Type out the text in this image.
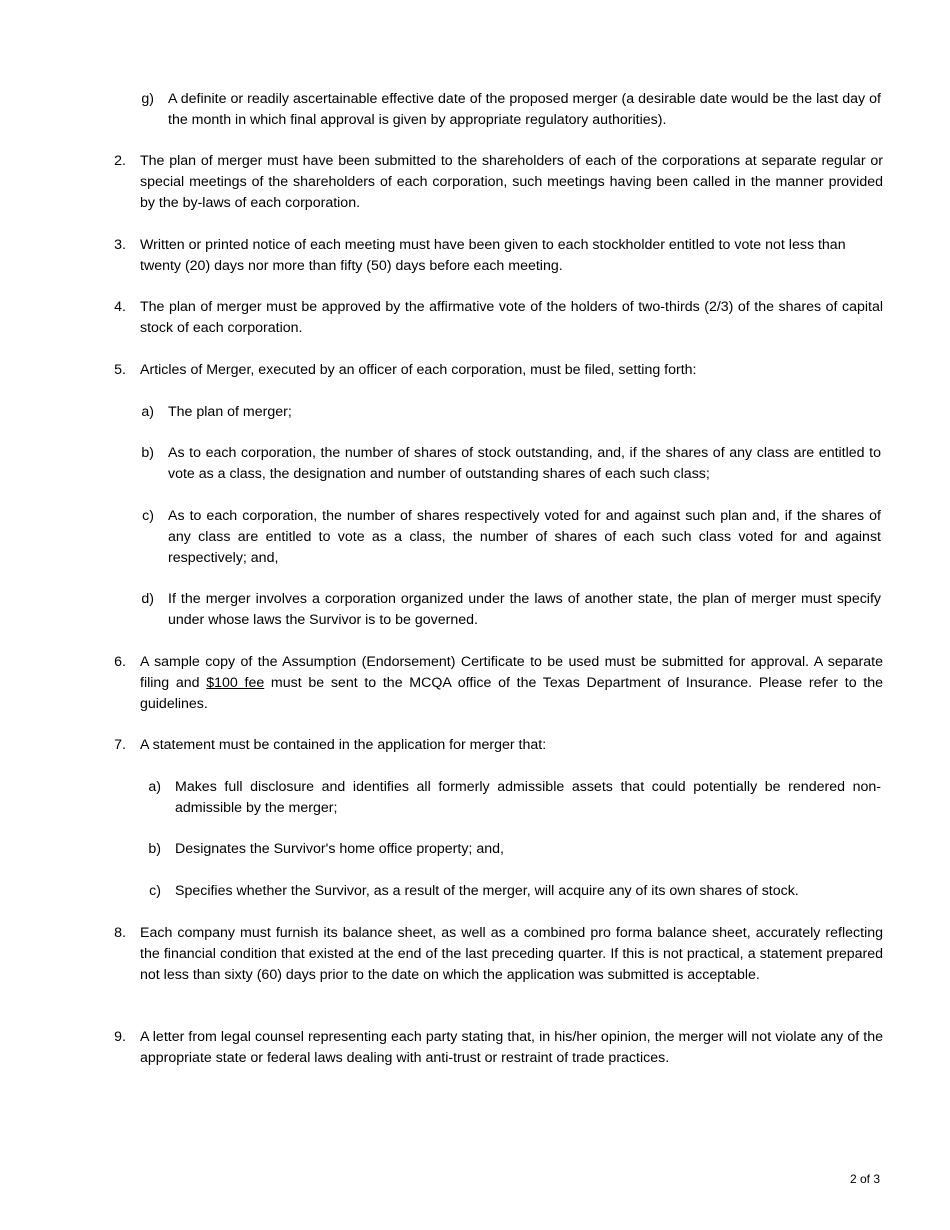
g) A definite or readily ascertainable effective date of the proposed merger (a desirable date would be the last day of the month in which final approval is given by appropriate regulatory authorities).
2. The plan of merger must have been submitted to the shareholders of each of the corporations at separate regular or special meetings of the shareholders of each corporation, such meetings having been called in the manner provided by the by-laws of each corporation.
3. Written or printed notice of each meeting must have been given to each stockholder entitled to vote not less than twenty (20) days nor more than fifty (50) days before each meeting.
4. The plan of merger must be approved by the affirmative vote of the holders of two-thirds (2/3) of the shares of capital stock of each corporation.
5. Articles of Merger, executed by an officer of each corporation, must be filed, setting forth:
a) The plan of merger;
b) As to each corporation, the number of shares of stock outstanding, and, if the shares of any class are entitled to vote as a class, the designation and number of outstanding shares of each such class;
c) As to each corporation, the number of shares respectively voted for and against such plan and, if the shares of any class are entitled to vote as a class, the number of shares of each such class voted for and against respectively; and,
d) If the merger involves a corporation organized under the laws of another state, the plan of merger must specify under whose laws the Survivor is to be governed.
6. A sample copy of the Assumption (Endorsement) Certificate to be used must be submitted for approval. A separate filing and $100 fee must be sent to the MCQA office of the Texas Department of Insurance. Please refer to the guidelines.
7. A statement must be contained in the application for merger that:
a) Makes full disclosure and identifies all formerly admissible assets that could potentially be rendered non-admissible by the merger;
b) Designates the Survivor's home office property; and,
c) Specifies whether the Survivor, as a result of the merger, will acquire any of its own shares of stock.
8. Each company must furnish its balance sheet, as well as a combined pro forma balance sheet, accurately reflecting the financial condition that existed at the end of the last preceding quarter. If this is not practical, a statement prepared not less than sixty (60) days prior to the date on which the application was submitted is acceptable.
9. A letter from legal counsel representing each party stating that, in his/her opinion, the merger will not violate any of the appropriate state or federal laws dealing with anti-trust or restraint of trade practices.
2 of 3
